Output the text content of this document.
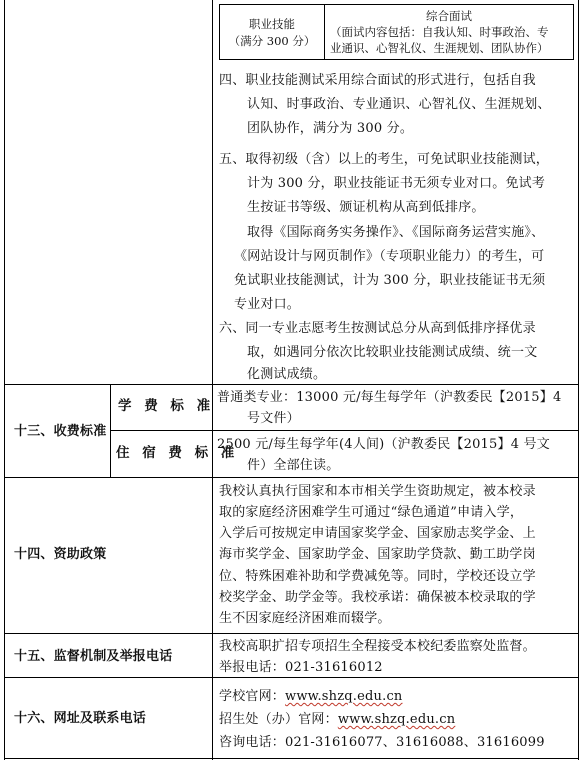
职业技能
（满分 300 分）
综合面试
（面试内容包括：自我认知、时事政治、专
业通识、心智礼仪、生涯规划、团队协作）
四、职业技能测试采用综合面试的形式进行，包括自我
认知、时事政治、专业通识、心智礼仪、生涯规划、
团队协作，满分为 300 分。
五、取得初级（含）以上的考生，可免试职业技能测试，
计为 300 分，职业技能证书无须专业对口。免试考
生按证书等级、颁证机构从高到低排序。
取得《国际商务实务操作》、《国际商务运营实施》、
《网站设计与网页制作》（专项职业能力）的考生，可
免试职业技能测试，计为 300 分，职业技能证书无须
专业对口。
六、同一专业志愿考生按测试总分从高到低排序择优录
取，如遇同分依次比较职业技能测试成绩、统一文
化测试成绩。
十三、收费标准
学 费 标 准
普通类专业：13000 元/每生每学年（沪教委民【2015】4
号文件）
住 宿 费 标 准
2500 元/每生每学年(4人间)（沪教委民【2015】4 号文
件）全部住读。
十四、资助政策
我校认真执行国家和本市相关学生资助规定，被本校录
取的家庭经济困难学生可通过“绿色通道”申请入学，
入学后可按规定申请国家奖学金、国家励志奖学金、上
海市奖学金、国家助学金、国家助学贷款、勤工助学岗
位、特殊困难补助和学费减免等。同时，学校还设立学
校奖学金、助学金等。我校承诺：确保被本校录取的学
生不因家庭经济困难而辍学。
十五、监督机制及举报电话
我校高职扩招专项招生全程接受本校纪委监察处监督。
举报电话：021-31616012
十六、网址及联系电话
学校官网：www.shzq.edu.cn
招生处（办）官网：www.shzq.edu.cn
咨询电话：021-31616077、31616088、31616099
